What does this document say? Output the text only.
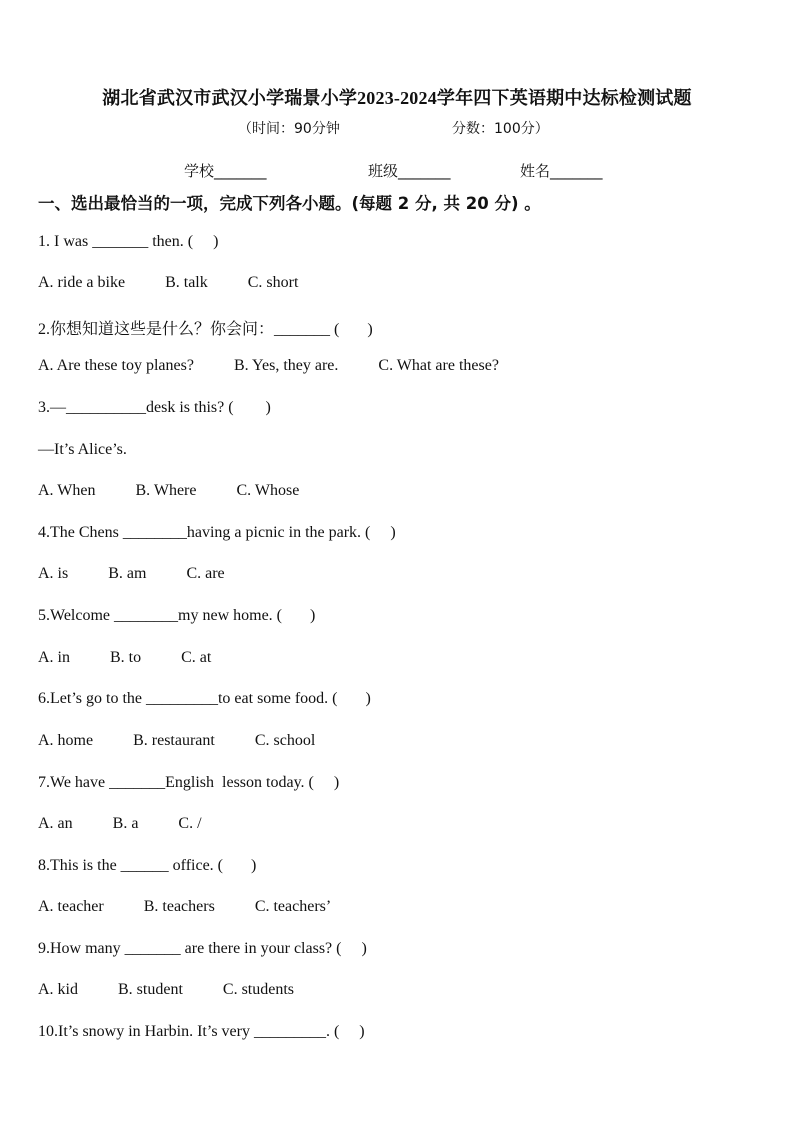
湖北省武汉市武汉小学瑞景小学2023-2024学年四下英语期中达标检测试题
（时间：90分钟	分数：100分）
学校_______	班级_______	姓名_______
一、选出最恰当的一项，完成下列各小题。(每题 2 分, 共 20 分) 。
1. I was _______ then. (     )
A. ride a bike          B. talk          C. short
2.你想知道这些是什么？你会问：_______ (       )
A. Are these toy planes?          B. Yes, they are.          C. What are these?
3.—__________desk is this? (        )
—It’s Alice’s.
A. When          B. Where          C. Whose
4.The Chens ________having a picnic in the park. (     )
A. is          B. am          C. are
5.Welcome ________my new home. (       )
A. in          B. to          C. at
6.Let’s go to the _________to eat some food. (       )
A. home          B. restaurant          C. school
7.We have _______English  lesson today. (     )
A. an          B. a          C. /
8.This is the ______ office. (       )
A. teacher          B. teachers          C. teachers’
9.How many _______ are there in your class? (     )
A. kid          B. student          C. students
10.It’s snowy in Harbin. It’s very _________. (     )
